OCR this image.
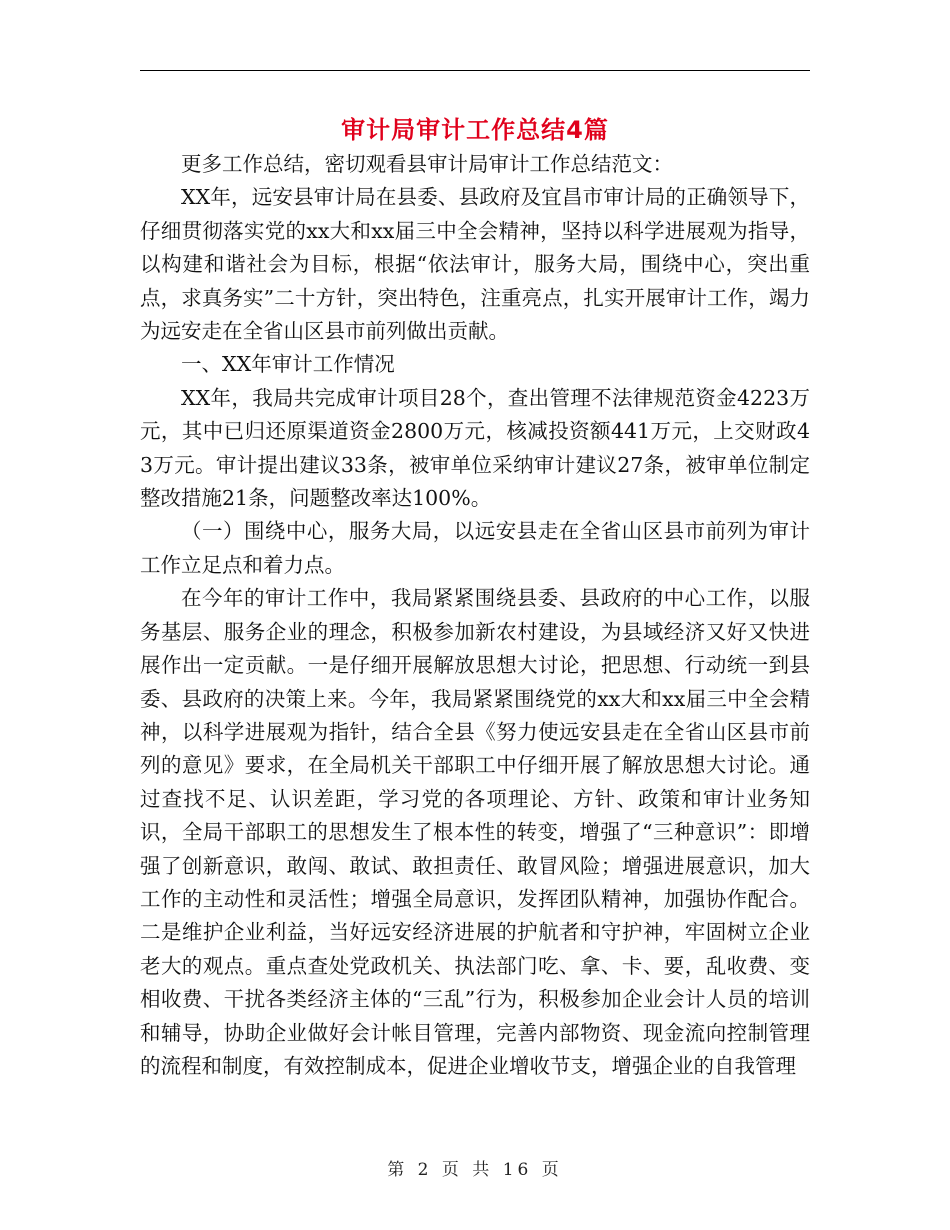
审计局审计工作总结4篇

更多工作总结，密切观看县审计局审计工作总结范文：

XX年，远安县审计局在县委、县政府及宜昌市审计局的正确领导下，仔细贯彻落实党的xx大和xx届三中全会精神，坚持以科学进展观为指导，以构建和谐社会为目标，根据“依法审计，服务大局，围绕中心，突出重点，求真务实”二十方针，突出特色，注重亮点，扎实开展审计工作，竭力为远安走在全省山区县市前列做出贡献。

一、XX年审计工作情况

XX年，我局共完成审计项目28个，查出管理不法律规范资金4223万元，其中已归还原渠道资金2800万元，核减投资额441万元，上交财政43万元。审计提出建议33条，被审单位采纳审计建议27条，被审单位制定整改措施21条，问题整改率达100%。

（一）围绕中心，服务大局，以远安县走在全省山区县市前列为审计工作立足点和着力点。

在今年的审计工作中，我局紧紧围绕县委、县政府的中心工作，以服务基层、服务企业的理念，积极参加新农村建设，为县域经济又好又快进展作出一定贡献。一是仔细开展解放思想大讨论，把思想、行动统一到县委、县政府的决策上来。今年，我局紧紧围绕党的xx大和xx届三中全会精神，以科学进展观为指针，结合全县《努力使远安县走在全省山区县市前列的意见》要求，在全局机关干部职工中仔细开展了解放思想大讨论。通过查找不足、认识差距，学习党的各项理论、方针、政策和审计业务知识，全局干部职工的思想发生了根本性的转变，增强了“三种意识”：即增强了创新意识，敢闯、敢试、敢担责任、敢冒风险；增强进展意识，加大工作的主动性和灵活性；增强全局意识，发挥团队精神，加强协作配合。二是维护企业利益，当好远安经济进展的护航者和守护神，牢固树立企业老大的观点。重点查处党政机关、执法部门吃、拿、卡、要，乱收费、变相收费、干扰各类经济主体的“三乱”行为，积极参加企业会计人员的培训和辅导，协助企业做好会计帐目管理，完善内部物资、现金流向控制管理的流程和制度，有效控制成本，促进企业增收节支，增强企业的自我管理

第 2 页 共 16 页
